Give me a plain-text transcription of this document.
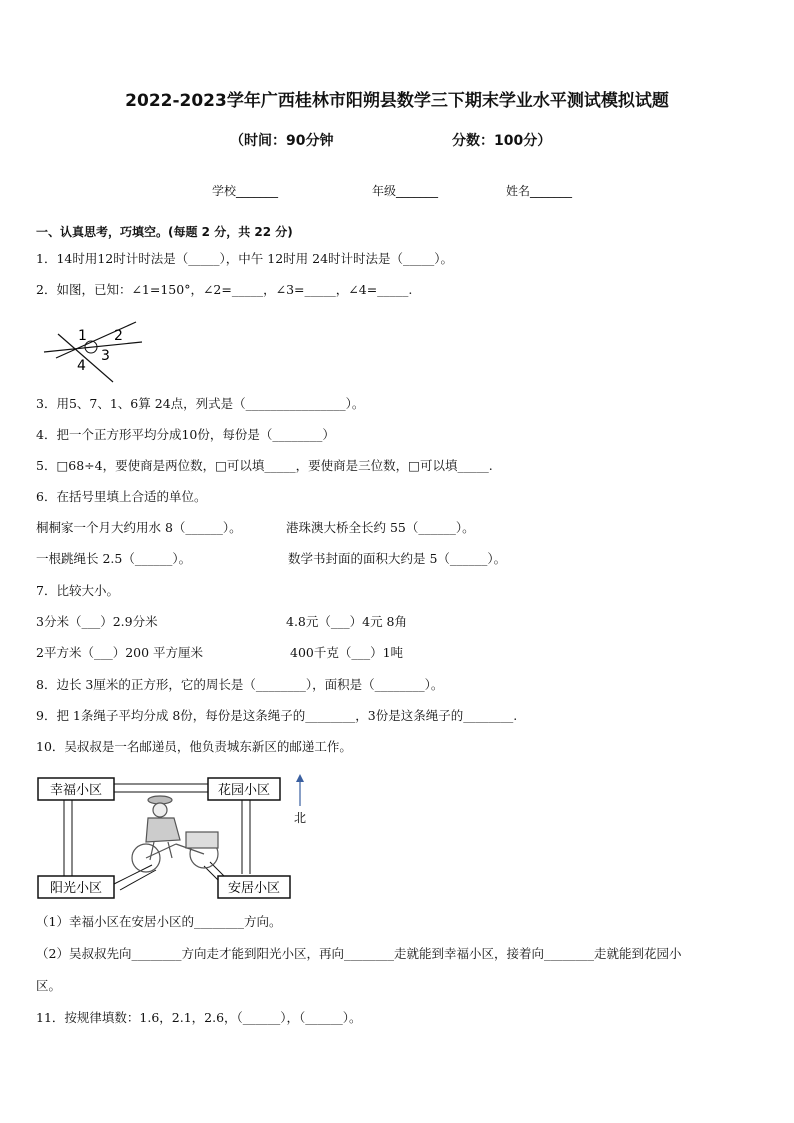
2022-2023学年广西桂林市阳朔县数学三下期末学业水平测试模拟试题
（时间：90分钟	分数：100分）
学校_______	年级_______	姓名_______
一、认真思考，巧填空。(每题 2 分，共 22 分)
1．14时用12时计时法是（_____），中午 12时用 24时计时法是（_____）。
2．如图，已知：∠1=150°，∠2=_____，∠3=_____，∠4=_____.
1 2
3
4
3．用5、7、1、6算 24点，列式是（________________）。
4．把一个正方形平均分成10份，每份是（________）
5．□68÷4，要使商是两位数，□可以填_____，要使商是三位数，□可以填_____.
6．在括号里填上合适的单位。
桐桐家一个月大约用水 8（______）。	港珠澳大桥全长约 55（______）。
一根跳绳长 2.5（______）。	数学书封面的面积大约是 5（______）。
7．比较大小。
3分米（___）2.9分米	4.8元（___）4元 8角
2平方米（___）200 平方厘米	400千克（___）1吨
8．边长 3厘米的正方形，它的周长是（________），面积是（________）。
9．把 1条绳子平均分成 8份，每份是这条绳子的________，3份是这条绳子的________.
10．吴叔叔是一名邮递员，他负责城东新区的邮递工作。
幸福小区	花园小区
阳光小区	安居小区
北
（1）幸福小区在安居小区的________方向。
（2）吴叔叔先向________方向走才能到阳光小区，再向________走就能到幸福小区，接着向________走就能到花园小
区。
11．按规律填数：1.6，2.1，2.6，（______），（______）。
